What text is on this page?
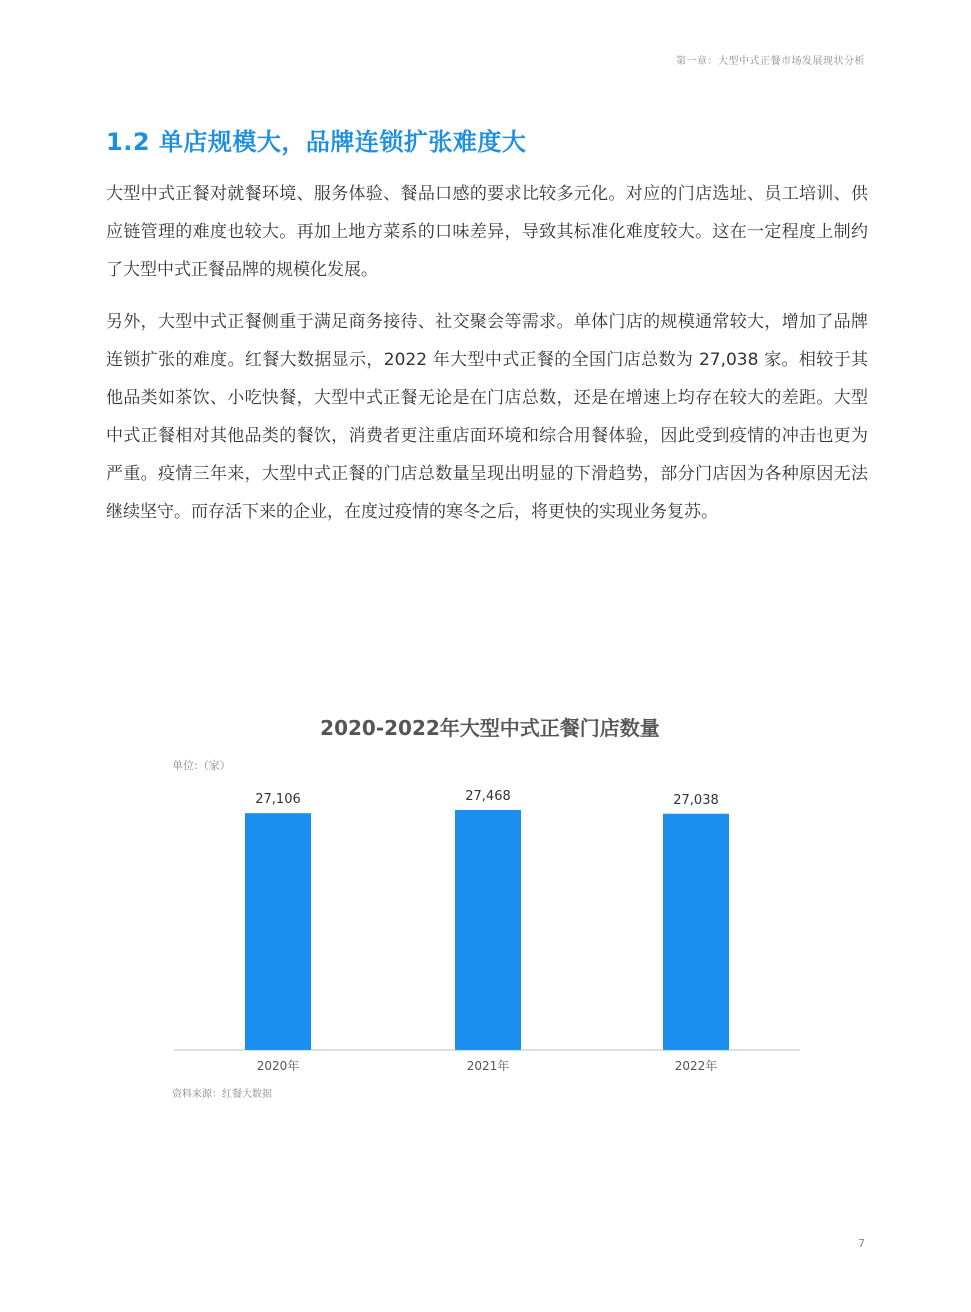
第一章：大型中式正餐市场发展现状分析
1.2 单店规模大，品牌连锁扩张难度大

大型中式正餐对就餐环境、服务体验、餐品口感的要求比较多元化。对应的门店选址、员工培训、供应链管理的难度也较大。再加上地方菜系的口味差异，导致其标准化难度较大。这在一定程度上制约了大型中式正餐品牌的规模化发展。

另外，大型中式正餐侧重于满足商务接待、社交聚会等需求。单体门店的规模通常较大，增加了品牌连锁扩张的难度。红餐大数据显示，2022 年大型中式正餐的全国门店总数为 27,038 家。相较于其他品类如茶饮、小吃快餐，大型中式正餐无论是在门店总数，还是在增速上均存在较大的差距。大型中式正餐相对其他品类的餐饮，消费者更注重店面环境和综合用餐体验，因此受到疫情的冲击也更为严重。疫情三年来，大型中式正餐的门店总数量呈现出明显的下滑趋势，部分门店因为各种原因无法继续坚守。而存活下来的企业，在度过疫情的寒冬之后，将更快的实现业务复苏。

2020-2022年大型中式正餐门店数量
单位:（家）
27,106
2020年
27,468
2021年
27,038
2022年
资料来源：红餐大数据
7
